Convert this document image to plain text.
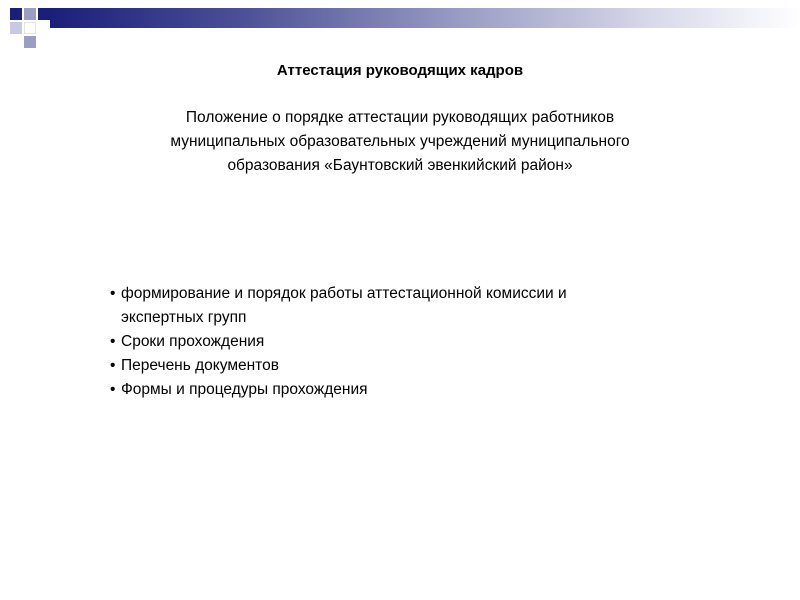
Аттестация руководящих кадров
Положение о порядке аттестации руководящих работников
муниципальных образовательных учреждений муниципального
образования «Баунтовский эвенкийский район»
• формирование и порядок работы аттестационной комиссии и
экспертных групп
• Сроки прохождения
• Перечень документов
• Формы и процедуры прохождения
